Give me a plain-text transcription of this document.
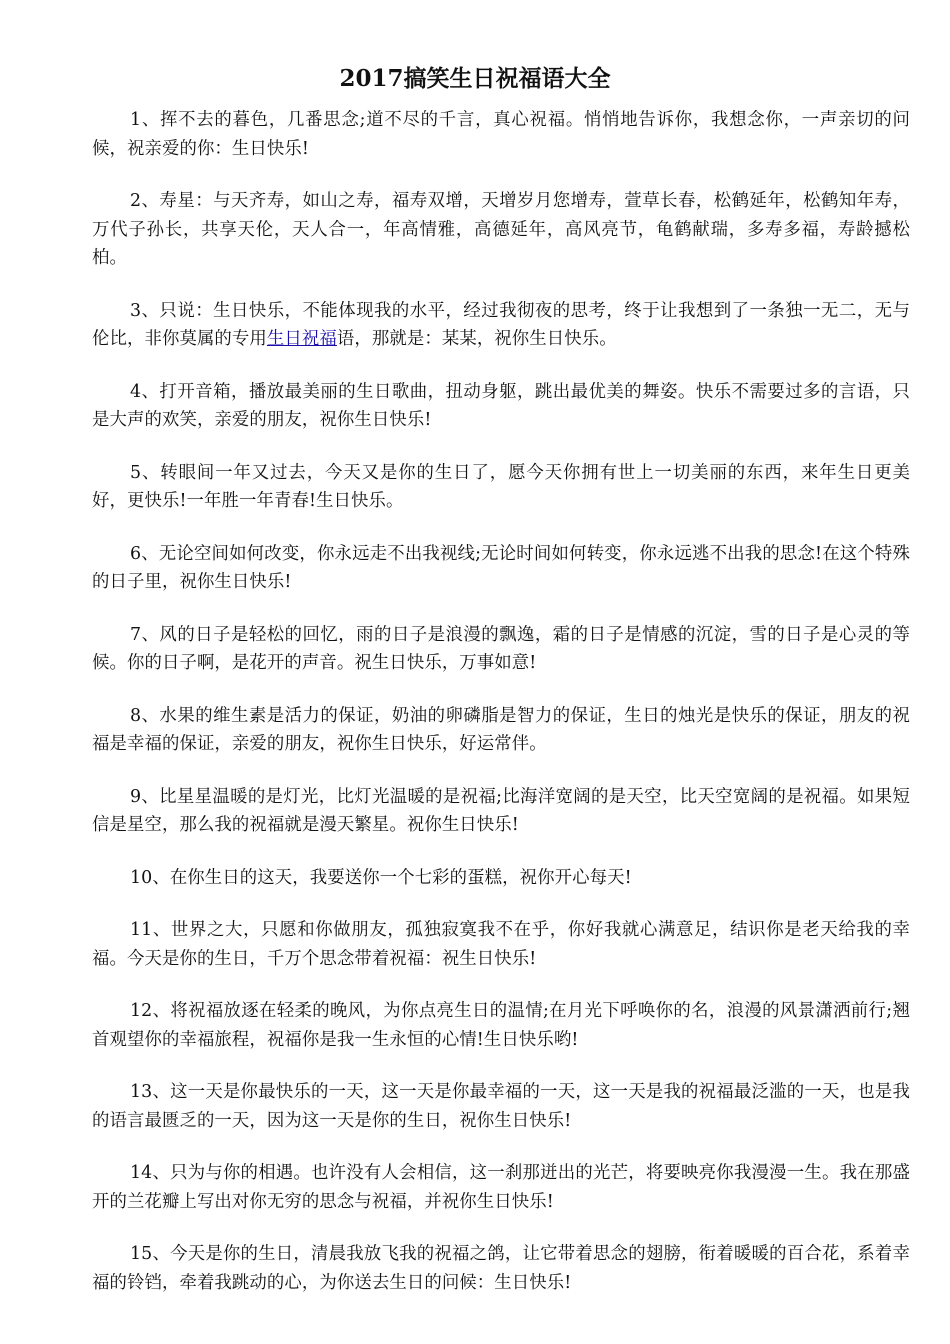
2017搞笑生日祝福语大全

1、挥不去的暮色，几番思念;道不尽的千言，真心祝福。悄悄地告诉你，我想念你，一声亲切的问候，祝亲爱的你：生日快乐!

2、寿星：与天齐寿，如山之寿，福寿双增，天增岁月您增寿，萱草长春，松鹤延年，松鹤知年寿，万代子孙长，共享天伦，天人合一，年高情雅，高德延年，高风亮节，龟鹤献瑞，多寿多福，寿龄撼松柏。

3、只说：生日快乐，不能体现我的水平，经过我彻夜的思考，终于让我想到了一条独一无二，无与伦比，非你莫属的专用生日祝福语，那就是：某某，祝你生日快乐。

4、打开音箱，播放最美丽的生日歌曲，扭动身躯，跳出最优美的舞姿。快乐不需要过多的言语，只是大声的欢笑，亲爱的朋友，祝你生日快乐!

5、转眼间一年又过去，今天又是你的生日了，愿今天你拥有世上一切美丽的东西，来年生日更美好，更快乐!一年胜一年青春!生日快乐。

6、无论空间如何改变，你永远走不出我视线;无论时间如何转变，你永远逃不出我的思念!在这个特殊的日子里，祝你生日快乐!

7、风的日子是轻松的回忆，雨的日子是浪漫的飘逸，霜的日子是情感的沉淀，雪的日子是心灵的等候。你的日子啊，是花开的声音。祝生日快乐，万事如意!

8、水果的维生素是活力的保证，奶油的卵磷脂是智力的保证，生日的烛光是快乐的保证，朋友的祝福是幸福的保证，亲爱的朋友，祝你生日快乐，好运常伴。

9、比星星温暖的是灯光，比灯光温暖的是祝福;比海洋宽阔的是天空，比天空宽阔的是祝福。如果短信是星空，那么我的祝福就是漫天繁星。祝你生日快乐!

10、在你生日的这天，我要送你一个七彩的蛋糕，祝你开心每天!

11、世界之大，只愿和你做朋友，孤独寂寞我不在乎，你好我就心满意足，结识你是老天给我的幸福。今天是你的生日，千万个思念带着祝福：祝生日快乐!

12、将祝福放逐在轻柔的晚风，为你点亮生日的温情;在月光下呼唤你的名，浪漫的风景潇洒前行;翘首观望你的幸福旅程，祝福你是我一生永恒的心情!生日快乐哟!

13、这一天是你最快乐的一天，这一天是你最幸福的一天，这一天是我的祝福最泛滥的一天，也是我的语言最匮乏的一天，因为这一天是你的生日，祝你生日快乐!

14、只为与你的相遇。也许没有人会相信，这一刹那迸出的光芒，将要映亮你我漫漫一生。我在那盛开的兰花瓣上写出对你无穷的思念与祝福，并祝你生日快乐!

15、今天是你的生日，清晨我放飞我的祝福之鸽，让它带着思念的翅膀，衔着暖暖的百合花，系着幸福的铃铛，牵着我跳动的心，为你送去生日的问候：生日快乐!
